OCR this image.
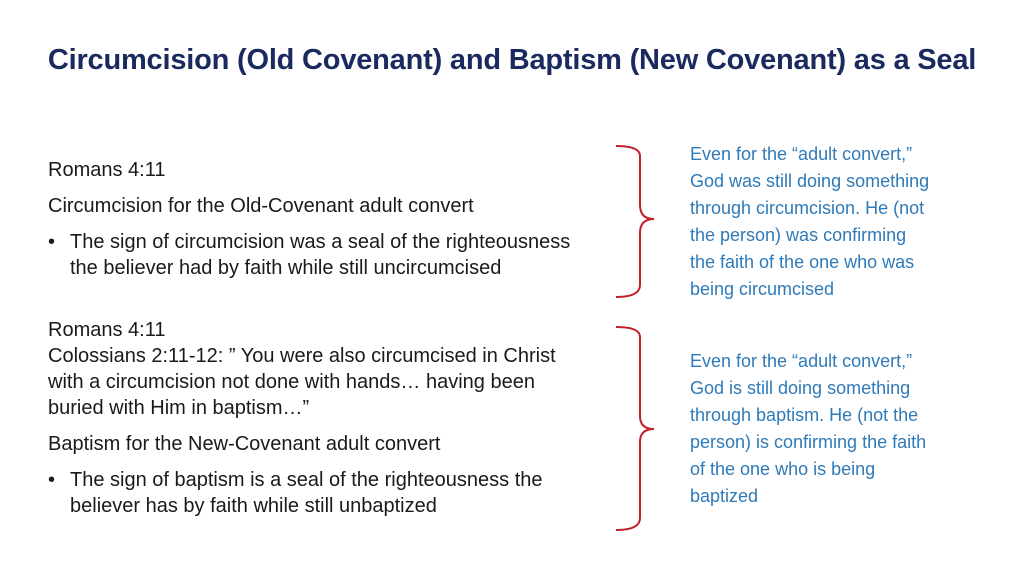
Circumcision (Old Covenant) and Baptism (New Covenant) as a Seal

Romans 4:11

Circumcision for the Old-Covenant adult convert

• The sign of circumcision was a seal of the righteousness

the believer had by faith while still uncircumcised

Romans 4:11

Colossians 2:11-12: ” You were also circumcised in Christ

with a circumcision not done with hands… having been

buried with Him in baptism…”

Baptism for the New-Covenant adult convert

• The sign of baptism is a seal of the righteousness the

believer has by faith while still unbaptized

Even for the “adult convert,”
God was still doing something
through circumcision. He (not
the person) was confirming
the faith of the one who was
being circumcised
Even for the “adult convert,”
God is still doing something
through baptism. He (not the
person) is confirming the faith
of the one who is being
baptized
